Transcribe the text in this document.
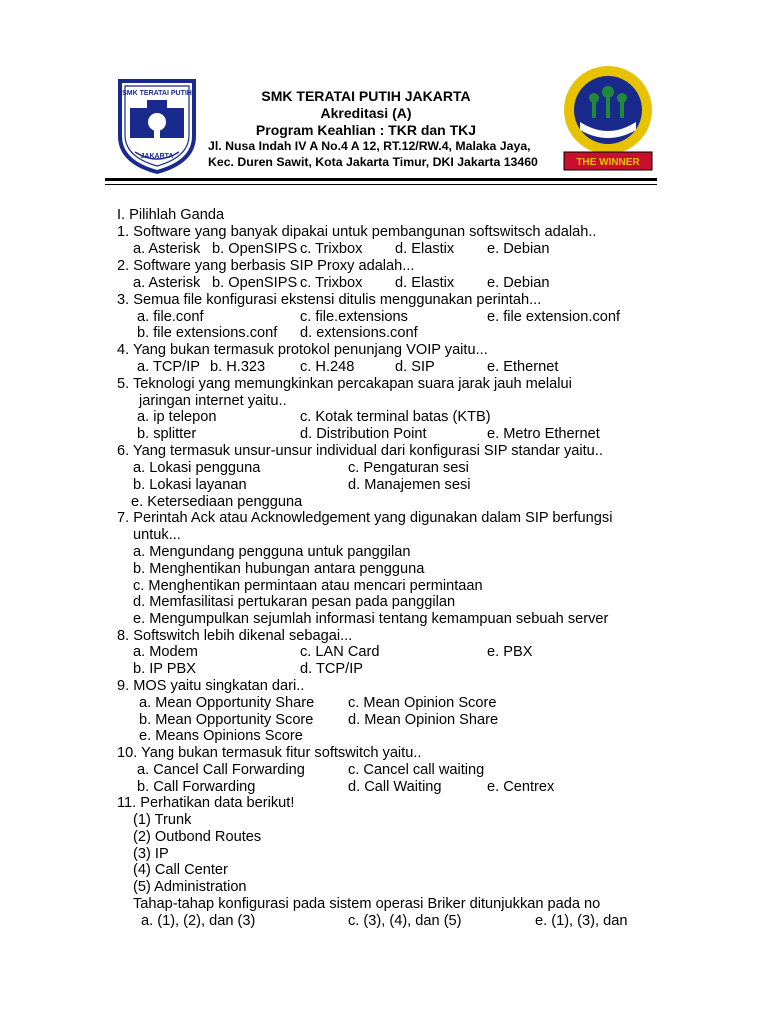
SMK TERATAI PUTIH
JAKARTA
THE WINNER
SMK TERATAI PUTIH JAKARTA
Akreditasi (A)
Program Keahlian : TKR dan TKJ
Jl. Nusa Indah IV A No.4 A 12, RT.12/RW.4, Malaka Jaya,
Kec. Duren Sawit, Kota Jakarta Timur, DKI Jakarta 13460
I. Pilihlah Ganda
1. Software yang banyak dipakai untuk pembangunan softswitsch adalah..
a. Asterisk b. OpenSIPS c. Trixbox d. Elastix e. Debian
2. Software yang berbasis SIP Proxy adalah...
a. Asterisk b. OpenSIPS c. Trixbox d. Elastix e. Debian
3. Semua file konfigurasi ekstensi ditulis menggunakan perintah...
a. file.conf	c. file.extensions	e. file extension.conf
b. file extensions.conf d. extensions.conf
4. Yang bukan termasuk protokol penunjang VOIP yaitu...
a. TCP/IP b. H.323 c. H.248	d. SIP	e. Ethernet
5. Teknologi yang memungkinkan percakapan suara jarak jauh melalui
jaringan internet yaitu..
a. ip telepon	c. Kotak terminal batas (KTB)
b. splitter	d. Distribution Point	e. Metro Ethernet
6. Yang termasuk unsur-unsur individual dari konfigurasi SIP standar yaitu..
a. Lokasi pengguna	c. Pengaturan sesi
b. Lokasi layanan	d. Manajemen sesi
e. Ketersediaan pengguna
7. Perintah Ack atau Acknowledgement yang digunakan dalam SIP berfungsi
untuk...
a. Mengundang pengguna untuk panggilan
b. Menghentikan hubungan antara pengguna
c. Menghentikan permintaan atau mencari permintaan
d. Memfasilitasi pertukaran pesan pada panggilan
e. Mengumpulkan sejumlah informasi tentang kemampuan sebuah server
8. Softswitch lebih dikenal sebagai...
a. Modem	c. LAN Card	e. PBX
b. IP PBX	d. TCP/IP
9. MOS yaitu singkatan dari..
a. Mean Opportunity Share c. Mean Opinion Score
b. Mean Opportunity Score d. Mean Opinion Share
e. Means Opinions Score
10. Yang bukan termasuk fitur softswitch yaitu..
a. Cancel Call Forwarding	c. Cancel call waiting
b. Call Forwarding	d. Call Waiting	e. Centrex
11. Perhatikan data berikut!
(1) Trunk
(2) Outbond Routes
(3) IP
(4) Call Center
(5) Administration
Tahap-tahap konfigurasi pada sistem operasi Briker ditunjukkan pada no
a. (1), (2), dan (3)	c. (3), (4), dan (5)	e. (1), (3), dan
